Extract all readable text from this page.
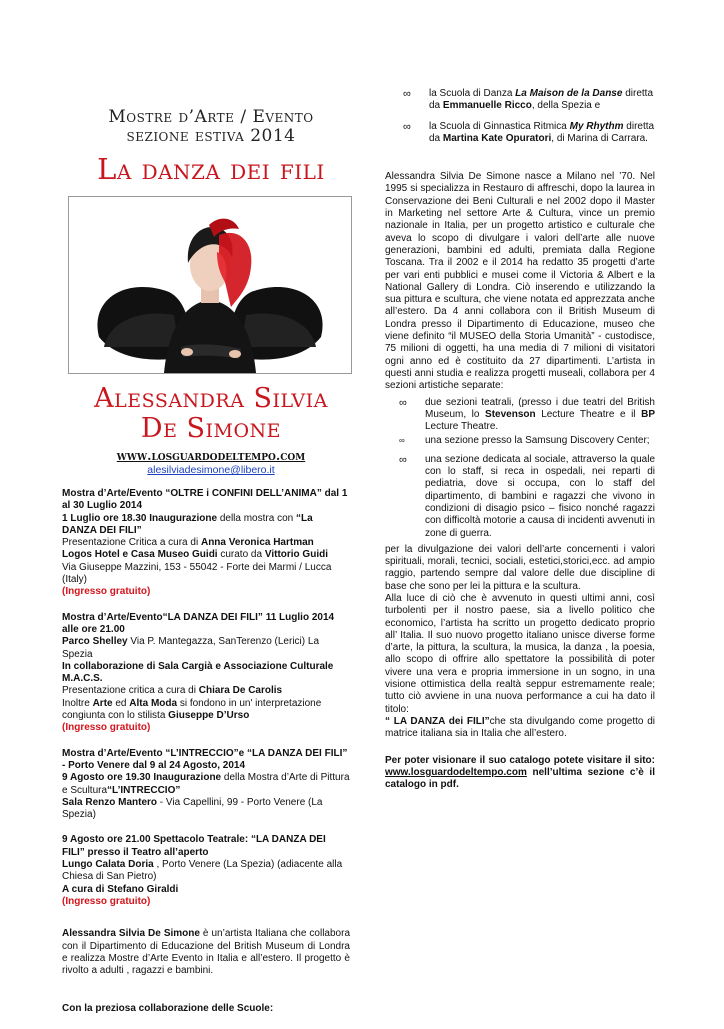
Mostre d’Arte / Evento
sezione estiva 2014
La danza dei fili
Alessandra Silvia
De Simone
www.losguardodeltempo.com
alesilviadesimone@libero.it
Mostra d’Arte/Evento “OLTRE i CONFINI DELL’ANIMA” dal 1 al 30 Luglio 2014
1 Luglio ore 18.30 Inaugurazione della mostra con “La DANZA DEI FILI”
Presentazione Critica a cura di Anna Veronica Hartman
Logos Hotel e Casa Museo Guidi curato da Vittorio Guidi
Via Giuseppe Mazzini, 153 - 55042 - Forte dei Marmi / Lucca (Italy)
(Ingresso gratuito)
Mostra d’Arte/Evento“LA DANZA DEI FILI” 11 Luglio 2014 alle ore 21.00
Parco Shelley Via P. Mantegazza, SanTerenzo (Lerici) La Spezia
In collaborazione di Sala Cargià e Associazione Culturale M.A.C.S.
Presentazione critica a cura di Chiara De Carolis
Inoltre Arte ed Alta Moda si fondono in un' interpretazione congiunta con lo stilista Giuseppe D’Urso
(Ingresso gratuito)
Mostra d’Arte/Evento “L’INTRECCIO”e “LA DANZA DEI FILI” - Porto Venere dal 9 al 24 Agosto, 2014
9 Agosto ore 19.30 Inaugurazione della Mostra d’Arte di Pittura e Scultura“L’INTRECCIO”
Sala Renzo Mantero - Via Capellini, 99 - Porto Venere (La Spezia)
9 Agosto ore 21.00 Spettacolo Teatrale: “LA DANZA DEI FILI” presso il Teatro all’aperto
Lungo Calata Doria , Porto Venere (La Spezia) (adiacente alla Chiesa di San Pietro)
A cura di Stefano Giraldi
(Ingresso gratuito)
Alessandra Silvia De Simone è un’artista Italiana che collabora con il Dipartimento di Educazione del British Museum di Londra e realizza Mostre d’Arte Evento in Italia e all’estero. Il progetto è rivolto a adulti , ragazzi e bambini.
Con la preziosa collaborazione delle Scuole:
∞	la Scuola di Danza La Maison de la Danse diretta da Emmanuelle Ricco, della Spezia e
∞	la Scuola di Ginnastica Ritmica My Rhythm diretta da Martina Kate Opuratori, di Marina di Carrara.
Alessandra Silvia De Simone nasce a Milano nel ’70. Nel 1995 si specializza in Restauro di affreschi, dopo la laurea in Conservazione dei Beni Culturali e nel 2002 dopo il Master in Marketing nel settore Arte & Cultura, vince un premio nazionale in Italia, per un progetto artistico e culturale che aveva lo scopo di divulgare i valori dell’arte alle nuove generazioni, bambini ed adulti, premiata dalla Regione Toscana. Tra il 2002 e il 2014 ha redatto 35 progetti d’arte per vari enti pubblici e musei come il Victoria & Albert e la National Gallery di Londra. Ciò inserendo e utilizzando la sua pittura e scultura, che viene notata ed apprezzata anche all’estero. Da 4 anni collabora con il British Museum di Londra presso il Dipartimento di Educazione, museo che viene definito “il MUSEO della Storia Umanità” - custodisce, 75 milioni di oggetti, ha una media di 7 milioni di visitatori ogni anno ed è costituito da 27 dipartimenti. L’artista in questi anni studia e realizza progetti museali, collabora per 4 sezioni artistiche separate:
∞	due sezioni teatrali, (presso i due teatri del British Museum, lo Stevenson Lecture Theatre e il BP Lecture Theatre.
∞	una sezione presso la Samsung Discovery Center;
∞	una sezione dedicata al sociale, attraverso la quale con lo staff, si reca in ospedali, nei reparti di pediatria, dove si occupa, con lo staff del dipartimento, di bambini e ragazzi che vivono in condizioni di disagio psico – fisico nonché ragazzi con difficoltà motorie a causa di incidenti avvenuti in zone di guerra.
per la divulgazione dei valori dell’arte concernenti i valori spirituali, morali, tecnici, sociali, estetici,storici,ecc. ad ampio raggio, partendo sempre dal valore delle due discipline di base che sono per lei la pittura e la scultura.
Alla luce di ciò che è avvenuto in questi ultimi anni, così turbolenti per il nostro paese, sia a livello politico che economico, l’artista ha scritto un progetto dedicato proprio all’ Italia. Il suo nuovo progetto italiano unisce diverse forme d’arte, la pittura, la scultura, la musica, la danza , la poesia, allo scopo di offrire allo spettatore la possibilità di poter vivere una vera e propria immersione in un sogno, in una visione ottimistica della realtà seppur estremamente reale; tutto ciò avviene in una nuova performance a cui ha dato il titolo:
“ LA DANZA dei FILI”che sta divulgando come progetto di matrice italiana sia in Italia che all’estero.
Per poter visionare il suo catalogo potete visitare il sito: www.losguardodeltempo.com nell’ultima sezione c’è il catalogo in pdf.
